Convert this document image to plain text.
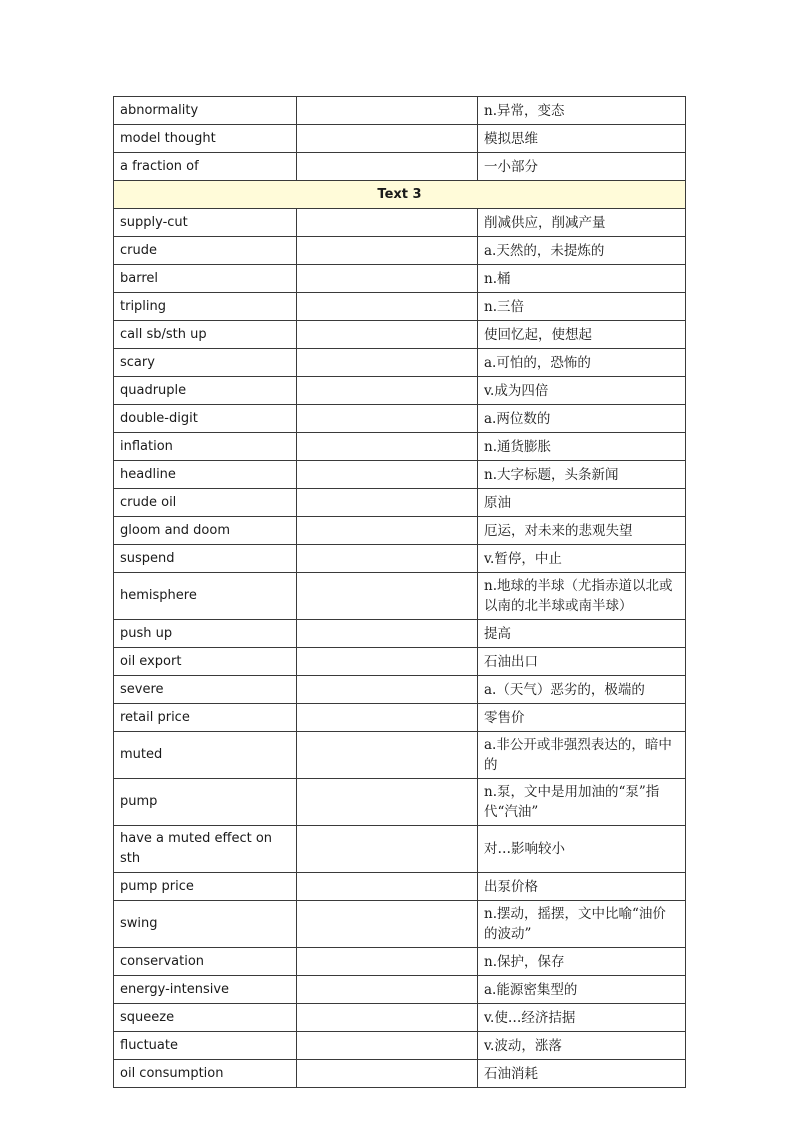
abnormality		n.异常，变态
model thought		模拟思维
a fraction of		一小部分
Text 3		
supply-cut		削减供应，削减产量
crude		a.天然的，未提炼的
barrel		n.桶
tripling		n.三倍
call sb/sth up		使回忆起，使想起
scary		a.可怕的，恐怖的
quadruple		v.成为四倍
double-digit		a.两位数的
inflation		n.通货膨胀
headline		n.大字标题，头条新闻
crude oil		原油
gloom and doom		厄运，对未来的悲观失望
suspend		v.暂停，中止
hemisphere		n.地球的半球（尤指赤道以北或以南的北半球或南半球）
push up		提高
oil export		石油出口
severe		a.（天气）恶劣的，极端的
retail price		零售价
muted		a.非公开或非强烈表达的，暗中的
pump		n.泵，文中是用加油的“泵”指代“汽油”
have a muted effect on sth		对…影响较小
pump price		出泵价格
swing		n.摆动，摇摆，文中比喻“油价的波动”
conservation		n.保护，保存
energy-intensive		a.能源密集型的
squeeze		v.使…经济拮据
fluctuate		v.波动，涨落
oil consumption		石油消耗
